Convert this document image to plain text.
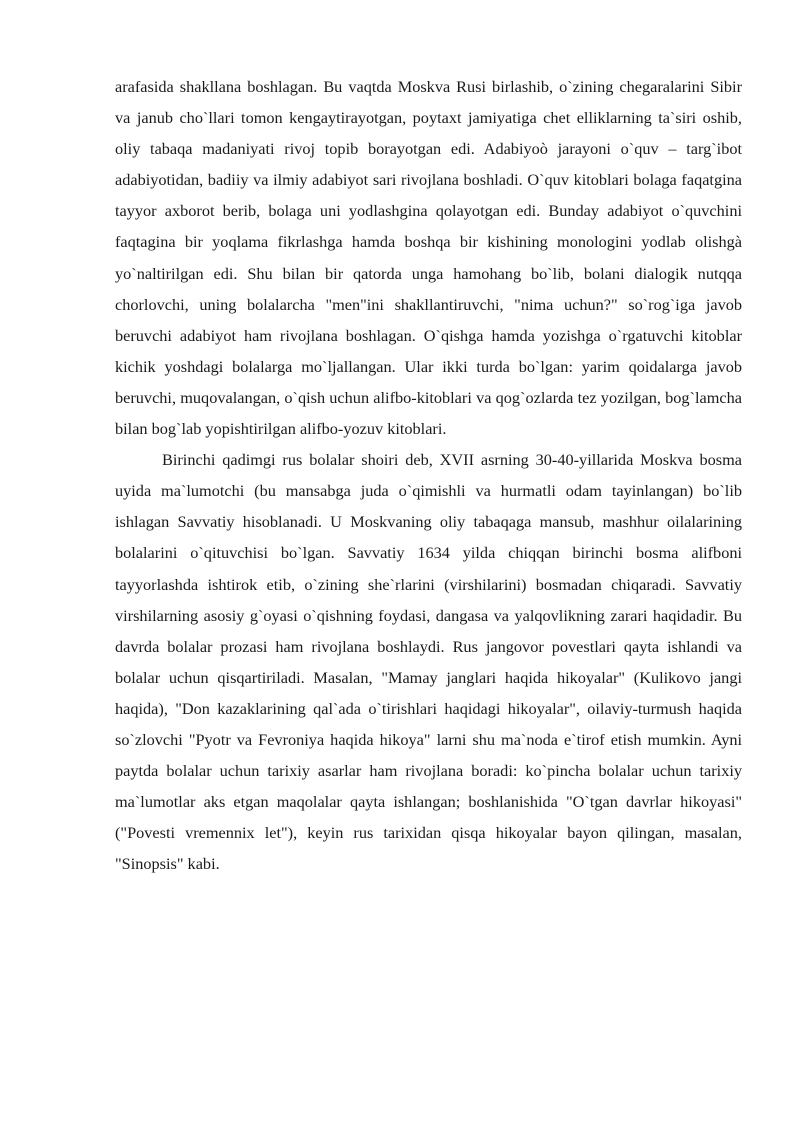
arafasida shakllana boshlagan. Bu vaqtda Moskva Rusi birlashib, o`zining chegaralarini Sibir va janub cho`llari tomon kengaytirayotgan, poytaxt jamiyatiga chet elliklarning ta`siri oshib, oliy tabaqa madaniyati rivoj topib borayotgan edi. Adabiyoò jarayoni o`quv – targ`ibot adabiyotidan, badiiy va ilmiy adabiyot sari rivojlana boshladi. O`quv kitoblari bolaga faqatgina tayyor axborot berib, bolaga uni yodlashgina qolayotgan edi. Bunday adabiyot o`quvchini faqtagina bir yoqlama fikrlashga hamda boshqa bir kishining monologini yodlab olishgà yo`naltirilgan edi. Shu bilan bir qatorda unga hamohang bo`lib, bolani dialogik nutqqa chorlovchi, uning bolalarcha "men"ini shakllantiruvchi, "nima uchun?" so`rog`iga javob beruvchi adabiyot ham rivojlana boshlagan. O`qishga hamda yozishga o`rgatuvchi kitoblar kichik yoshdagi bolalarga mo`ljallangan. Ular ikki turda bo`lgan: yarim qoidalarga javob beruvchi, muqovalangan, o`qish uchun alifbo-kitoblari va qog`ozlarda tez yozilgan, bog`lamcha bilan bog`lab yopishtirilgan alifbo-yozuv kitoblari.

Birinchi qadimgi rus bolalar shoiri deb, XVII asrning 30-40-yillarida Moskva bosma uyida ma`lumotchi (bu mansabga juda o`qimishli va hurmatli odam tayinlangan) bo`lib ishlagan Savvatiy hisoblanadi. U Moskvaning oliy tabaqaga mansub, mashhur oilalarining bolalarini o`qituvchisi bo`lgan. Savvatiy 1634 yilda chiqqan birinchi bosma alifboni tayyorlashda ishtirok etib, o`zining she`rlarini (virshilarini) bosmadan chiqaradi. Savvatiy virshilarning asosiy g`oyasi o`qishning foydasi, dangasa va yalqovlikning zarari haqidadir. Bu davrda bolalar prozasi ham rivojlana boshlaydi. Rus jangovor povestlari qayta ishlandi va bolalar uchun qisqartiriladi. Masalan, "Mamay janglari haqida hikoyalar" (Kulikovo jangi haqida), "Don kazaklarining qal`ada o`tirishlari haqidagi hikoyalar", oilaviy-turmush haqida so`zlovchi "Pyotr va Fevroniya haqida hikoya" larni shu ma`noda e`tirof etish mumkin. Ayni paytda bolalar uchun tarixiy asarlar ham rivojlana boradi: ko`pincha bolalar uchun tarixiy ma`lumotlar aks etgan maqolalar qayta ishlangan; boshlanishida "O`tgan davrlar hikoyasi" ("Povesti vremennix let"), keyin rus tarixidan qisqa hikoyalar bayon qilingan, masalan, "Sinopsis" kabi.
